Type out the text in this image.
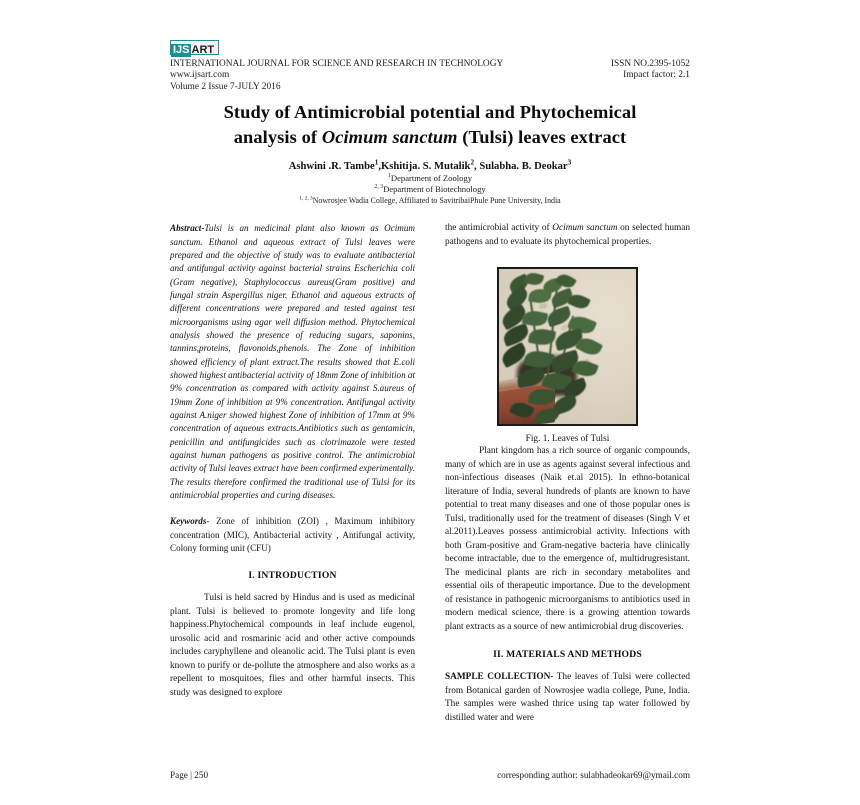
IJS ART
INTERNATIONAL JOURNAL FOR SCIENCE AND RESEARCH IN TECHNOLOGY	ISSN NO.2395-1052
www.ijsart.com	Impact factor: 2.1
Volume 2 Issue 7-JULY 2016
Study of Antimicrobial potential and Phytochemical
analysis of Ocimum sanctum (Tulsi) leaves extract
Ashwini .R. Tambe$^1$,Kshitija. S. Mutalik$^2$, Sulabha. B. Deokar$^3$
$^1$Department of Zoology
$^{2, 3}$Department of Biotechnology
$^{1, 2, 3}$Nowrosjee Wadia College, Affiliated to SavitribaiPhule Pune University, India
Abstract-Tulsi is an medicinal plant also known as Ocimum sanctum. Ethanol and aqueous extract of Tulsi leaves were prepared and the objective of study was to evaluate antibacterial and antifungal activity against bacterial strains Escherichia coli (Gram negative), Staphylococcus aureus(Gram positive) and fungal strain Aspergillus niger. Ethanol and aqueous extracts of different concentrations were prepared and tested against test microorganisms using agar well diffusion method. Phytochemical analysis showed the presence of reducing sugars, saponins, tannins,proteins, flavonoids,phenols. The Zone of inhibition showed efficiency of plant extract.The results showed that E.coli showed highest antibacterial activity of 18mm Zone of inhibition at 9% concentration as compared with activity against S.aureus of 19mm Zone of inhibition at 9% concentration. Antifungal activity against A.niger showed highest Zone of inhibition of 17mm at 9% concentration of aqueous extracts.Antibiotics such as gentamicin, penicillin and antifungicides such as clotrimazole were tested against human pathogens as positive control. The antimicrobial activity of Tulsi leaves extract have been confirmed experimentally. The results therefore confirmed the traditional use of Tulsi for its antimicrobial properties and curing diseases.
Keywords- Zone of inhibition (ZOI) , Maximum inhibitory concentration (MIC), Antibacterial activity , Antifungal activity, Colony forming unit (CFU)
I. INTRODUCTION
Tulsi is held sacred by Hindus and is used as medicinal plant. Tulsi is believed to promote longevity and life long happiness.Phytochemical compounds in leaf include eugenol, urosolic acid and rosmarinic acid and other active compounds includes caryphyllene and oleanolic acid. The Tulsi plant is even known to purify or de-pollute the atmosphere and also works as a repellent to mosquitoes, flies and other harmful insects. This study was designed to explore
the antimicrobial activity of Ocimum sanctum on selected human pathogens and to evaluate its phytochemical properties.
Fig. 1. Leaves of Tulsi
Plant kingdom has a rich source of organic compounds, many of which are in use as agents against several infectious and non-infectious diseases (Naik et.al 2015). In ethno-botanical literature of India, several hundreds of plants are known to have potential to treat many diseases and one of those popular ones is Tulsi, traditionally used for the treatment of diseases (Singh V et al.2011).Leaves possess antimicrobial activity. Infections with both Gram-positive and Gram-negative bacteria have clinically become intractable, due to the emergence of, multidrugresistant. The medicinal plants are rich in secondary metabolites and essential oils of therapeutic importance. Due to the development of resistance in pathogenic microorganisms to antibiotics used in modern medical science, there is a growing attention towards plant extracts as a source of new antimicrobial drug discoveries.
II. MATERIALS AND METHODS
SAMPLE COLLECTION- The leaves of Tulsi were collected from Botanical garden of Nowrosjee wadia college, Pune, India. The samples were washed thrice using tap water followed by distilled water and were
Page | 250	corresponding author: sulabhadeokar69@ymail.com
